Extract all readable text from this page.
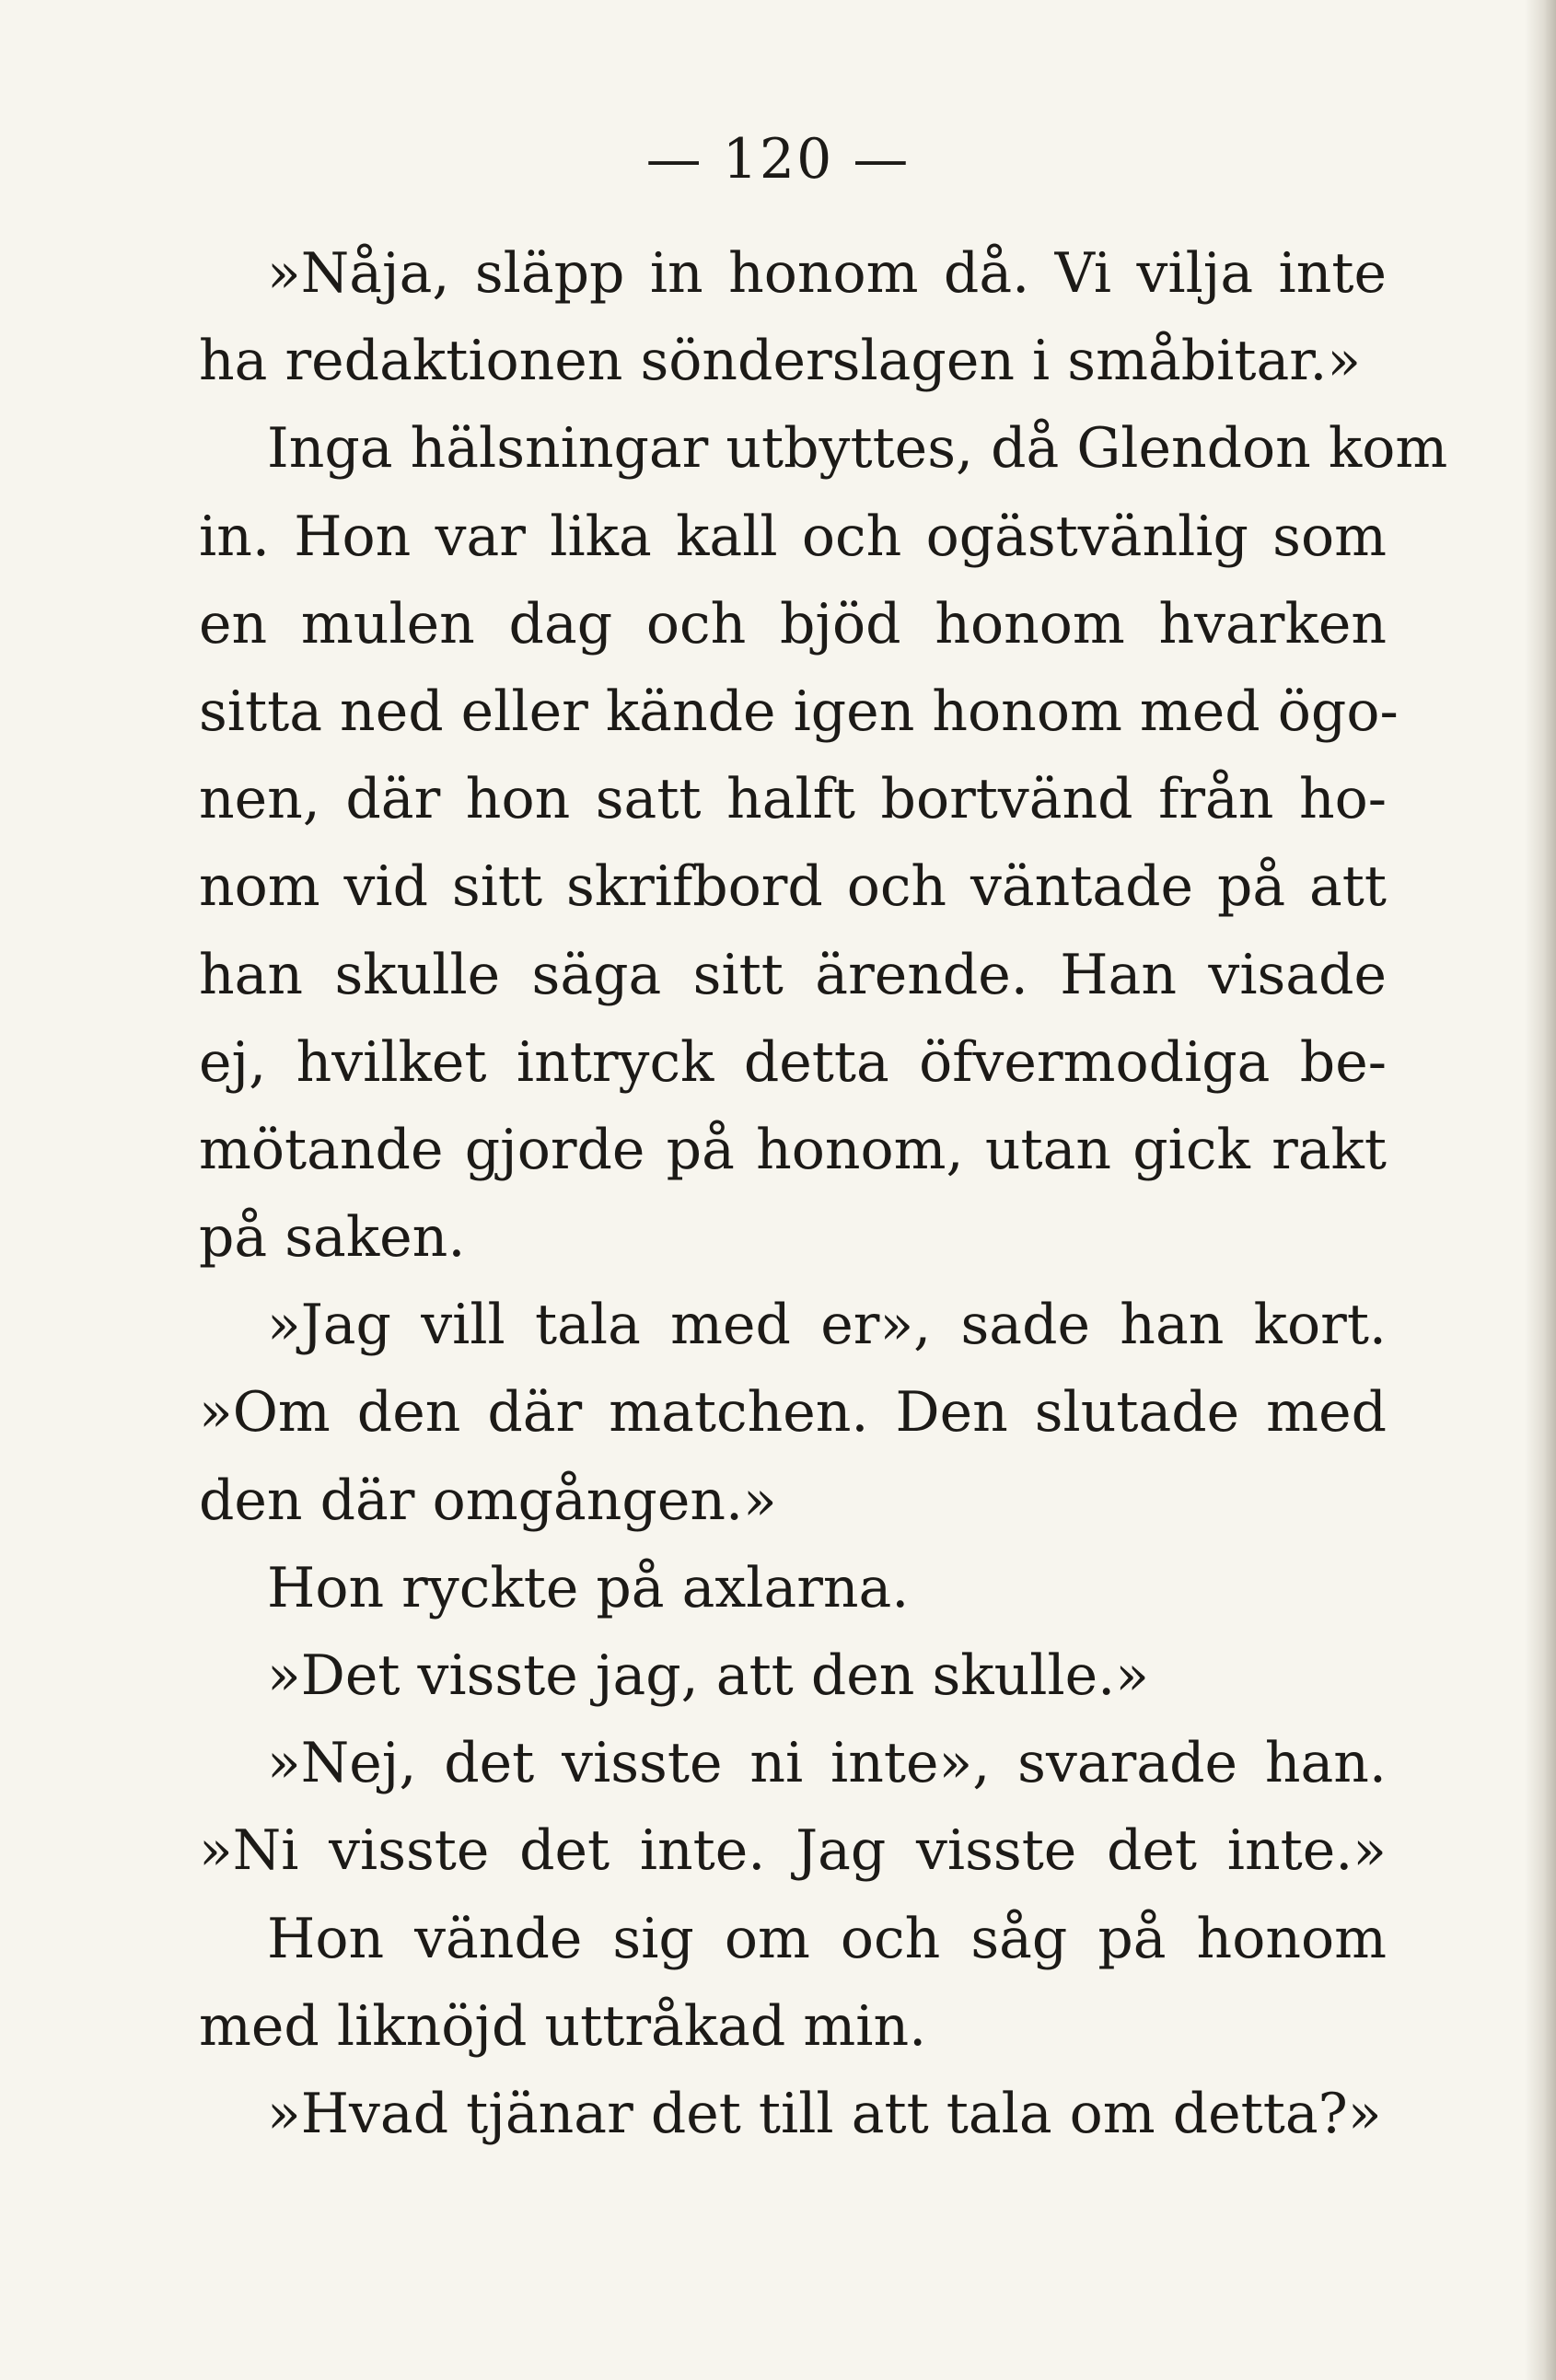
— 120 —
»Nåja, släpp in honom då. Vi vilja inte
ha redaktionen sönderslagen i småbitar.»
Inga hälsningar utbyttes, då Glendon kom
in. Hon var lika kall och ogästvänlig som
en mulen dag och bjöd honom hvarken
sitta ned eller kände igen honom med ögo-
nen, där hon satt halft bortvänd från ho-
nom vid sitt skrifbord och väntade på att
han skulle säga sitt ärende. Han visade
ej, hvilket intryck detta öfvermodiga be-
mötande gjorde på honom, utan gick rakt
på saken.
»Jag vill tala med er», sade han kort.
»Om den där matchen. Den slutade med
den där omgången.»
Hon ryckte på axlarna.
»Det visste jag, att den skulle.»
»Nej, det visste ni inte», svarade han.
»Ni visste det inte. Jag visste det inte.»
Hon vände sig om och såg på honom
med liknöjd uttråkad min.
»Hvad tjänar det till att tala om detta?»
